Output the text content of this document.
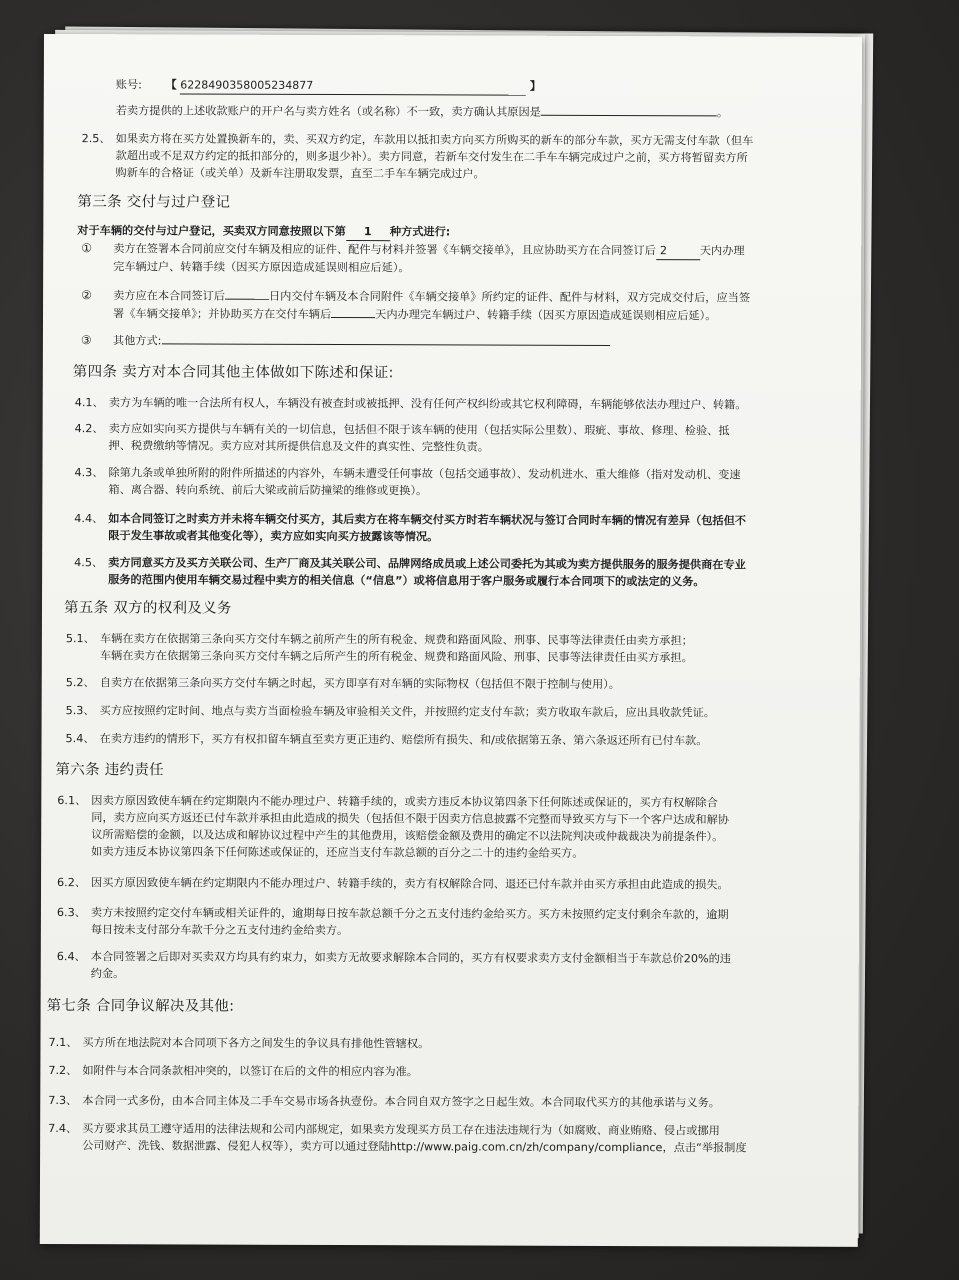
账号: 【 6228490358005234877	】
若卖方提供的上述收款账户的开户名与卖方姓名（或名称）不一致，卖方确认其原因是	。
2.5、 如果卖方将在买方处置换新车的，卖、买双方约定，车款用以抵扣卖方向买方所购买的新车的部分车款，买方无需支付车款（但车
款超出或不足双方约定的抵扣部分的，则多退少补）。卖方同意，若新车交付发生在二手车车辆完成过户之前，买方将暂留卖方所
购新车的合格证（或关单）及新车注册取发票，直至二手车车辆完成过户。
第三条 交付与过户登记
对于车辆的交付与过户登记，买卖双方同意按照以下第 1 种方式进行:
① 卖方在签署本合同前应交付车辆及相应的证件、配件与材料并签署《车辆交接单》，且应协助买方在合同签订后 2	天内办理
完车辆过户、转籍手续（因买方原因造成延误则相应后延）。
② 卖方应在本合同签订后	日内交付车辆及本合同附件《车辆交接单》所约定的证件、配件与材料，双方完成交付后，应当签
署《车辆交接单》；并协助买方在交付车辆后	天内办理完车辆过户、转籍手续（因买方原因造成延误则相应后延）。
③ 其他方式:
第四条 卖方对本合同其他主体做如下陈述和保证:
4.1、 卖方为车辆的唯一合法所有权人，车辆没有被查封或被抵押、没有任何产权纠纷或其它权利障碍，车辆能够依法办理过户、转籍。
4.2、 卖方应如实向买方提供与车辆有关的一切信息，包括但不限于该车辆的使用（包括实际公里数）、瑕疵、事故、修理、检验、抵
押、税费缴纳等情况。卖方应对其所提供信息及文件的真实性、完整性负责。
4.3、 除第九条或单独所附的附件所描述的内容外，车辆未遭受任何事故（包括交通事故）、发动机进水、重大维修（指对发动机、变速
箱、离合器、转向系统、前后大梁或前后防撞梁的维修或更换）。
4.4、 如本合同签订之时卖方并未将车辆交付买方，其后卖方在将车辆交付买方时若车辆状况与签订合同时车辆的情况有差异（包括但不
限于发生事故或者其他变化等），卖方应如实向买方披露该等情况。
4.5、 卖方同意买方及买方关联公司、生产厂商及其关联公司、品牌网络成员或上述公司委托为其或为卖方提供服务的服务提供商在专业
服务的范围内使用车辆交易过程中卖方的相关信息（“信息”）或将信息用于客户服务或履行本合同项下的或法定的义务。
第五条 双方的权利及义务
5.1、 车辆在卖方在依据第三条向买方交付车辆之前所产生的所有税金、规费和路面风险、刑事、民事等法律责任由卖方承担；
车辆在卖方在依据第三条向买方交付车辆之后所产生的所有税金、规费和路面风险、刑事、民事等法律责任由买方承担。
5.2、 自卖方在依据第三条向买方交付车辆之时起，买方即享有对车辆的实际物权（包括但不限于控制与使用）。
5.3、 买方应按照约定时间、地点与卖方当面检验车辆及审验相关文件，并按照约定支付车款；卖方收取车款后，应出具收款凭证。
5.4、 在卖方违约的情形下，买方有权扣留车辆直至卖方更正违约、赔偿所有损失、和/或依据第五条、第六条返还所有已付车款。
第六条 违约责任
6.1、 因卖方原因致使车辆在约定期限内不能办理过户、转籍手续的，或卖方违反本协议第四条下任何陈述或保证的，买方有权解除合
同，卖方应向买方返还已付车款并承担由此造成的损失（包括但不限于因卖方信息披露不完整而导致买方与下一个客户达成和解协
议所需赔偿的金额，以及达成和解协议过程中产生的其他费用，该赔偿金额及费用的确定不以法院判决或仲裁裁决为前提条件）。
如卖方违反本协议第四条下任何陈述或保证的，还应当支付车款总额的百分之二十的违约金给买方。
6.2、 因买方原因致使车辆在约定期限内不能办理过户、转籍手续的，卖方有权解除合同、退还已付车款并由买方承担由此造成的损失。
6.3、 卖方未按照约定交付车辆或相关证件的，逾期每日按车款总额千分之五支付违约金给买方。买方未按照约定支付剩余车款的，逾期
每日按未支付部分车款千分之五支付违约金给卖方。
6.4、 本合同签署之后即对买卖双方均具有约束力，如卖方无故要求解除本合同的，买方有权要求卖方支付金额相当于车款总价20%的违
约金。
第七条 合同争议解决及其他:
7.1、 买方所在地法院对本合同项下各方之间发生的争议具有排他性管辖权。
7.2、 如附件与本合同条款相冲突的，以签订在后的文件的相应内容为准。
7.3、 本合同一式多份，由本合同主体及二手车交易市场各执壹份。本合同自双方签字之日起生效。本合同取代买方的其他承诺与义务。
7.4、 买方要求其员工遵守适用的法律法规和公司内部规定，如果卖方发现买方员工存在违法违规行为（如腐败、商业贿赂、侵占或挪用
公司财产、洗钱、数据泄露、侵犯人权等），卖方可以通过登陆http://www.paig.com.cn/zh/company/compliance，点击“举报制度
